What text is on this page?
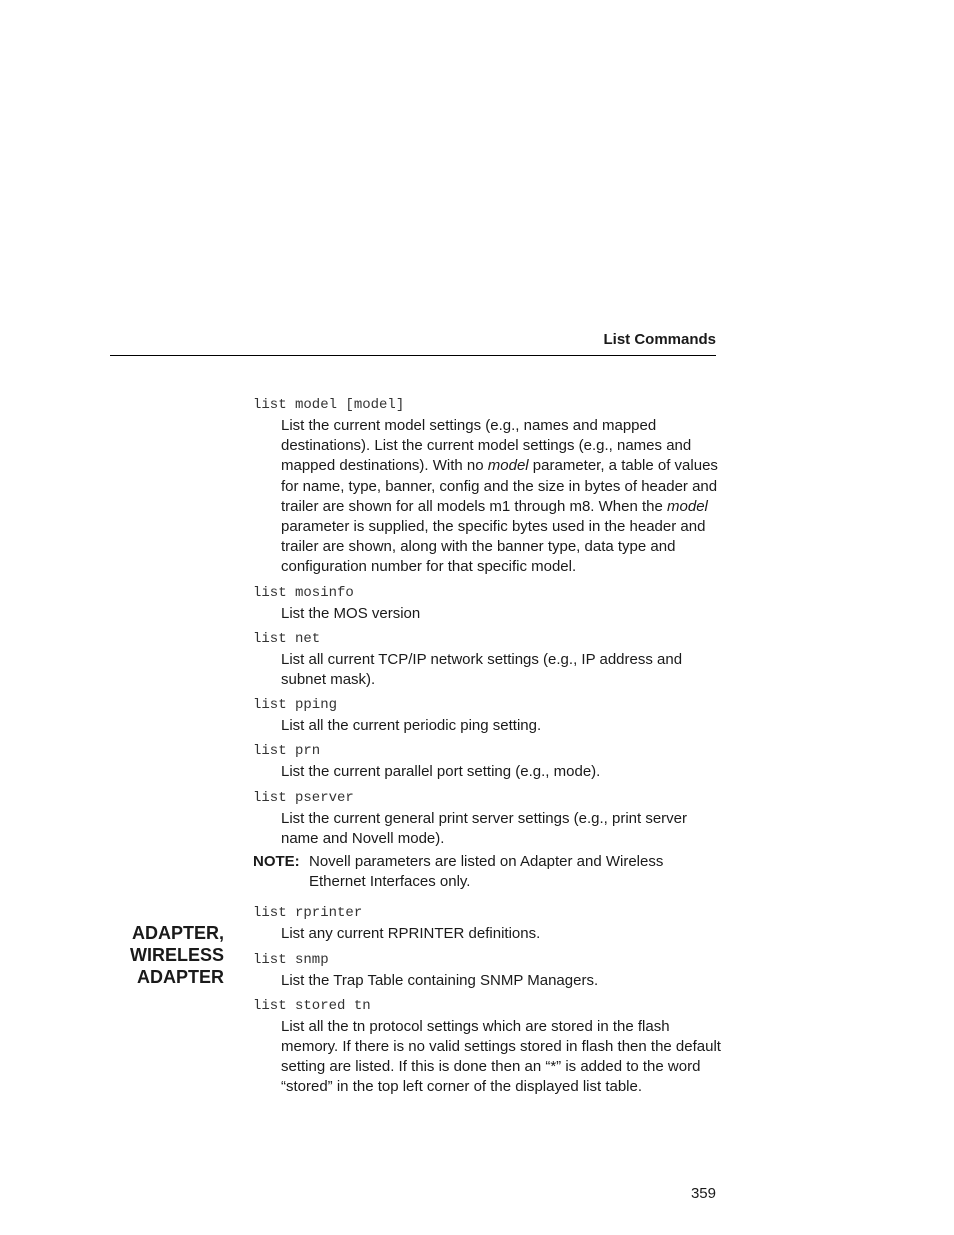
List Commands
ADAPTER,
WIRELESS
ADAPTER

list model [model]

List the current model settings (e.g., names and mapped destinations). List the current model settings (e.g., names and mapped destinations). With no model parameter, a table of values for name, type, banner, config and the size in bytes of header and trailer are shown for all models m1 through m8. When the model parameter is supplied, the specific bytes used in the header and trailer are shown, along with the banner type, data type and configuration number for that specific model.

list mosinfo

List the MOS version

list net

List all current TCP/IP network settings (e.g., IP address and subnet mask).

list pping

List all the current periodic ping setting.

list prn

List the current parallel port setting (e.g., mode).

list pserver

List the current general print server settings (e.g., print server name and Novell mode).

NOTE: Novell parameters are listed on Adapter and Wireless Ethernet Interfaces only.

list rprinter

List any current RPRINTER definitions.

list snmp

List the Trap Table containing SNMP Managers.

list stored tn

List all the tn protocol settings which are stored in the flash memory. If there is no valid settings stored in flash then the default setting are listed. If this is done then an “*” is added to the word “stored” in the top left corner of the displayed list table.

359
